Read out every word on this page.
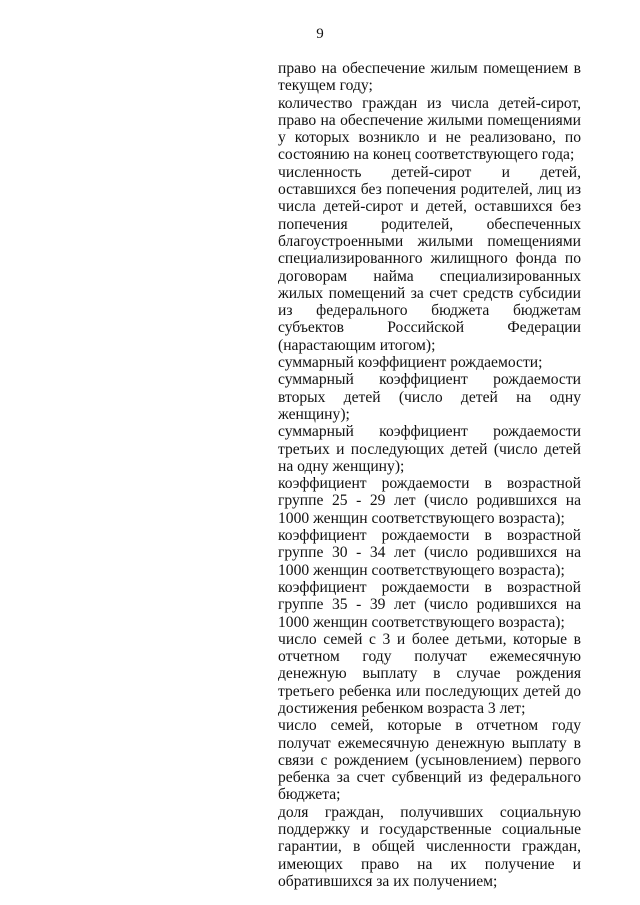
9

право на обеспечение жилым помещением в текущем году;

количество граждан из числа детей-сирот, право на обеспечение жилыми помещениями у которых возникло и не реализовано, по состоянию на конец соответствующего года;

численность детей-сирот и детей, оставшихся без попечения родителей, лиц из числа детей-сирот и детей, оставшихся без попечения родителей, обеспеченных благоустроенными жилыми помещениями специализированного жилищного фонда по договорам найма специализированных жилых помещений за счет средств субсидии из федерального бюджета бюджетам субъектов Российской Федерации (нарастающим итогом);

суммарный коэффициент рождаемости;

суммарный коэффициент рождаемости вторых детей (число детей на одну женщину);

суммарный коэффициент рождаемости третьих и последующих детей (число детей на одну женщину);

коэффициент рождаемости в возрастной группе 25 - 29 лет (число родившихся на 1000 женщин соответствующего возраста);

коэффициент рождаемости в возрастной группе 30 - 34 лет (число родившихся на 1000 женщин соответствующего возраста);

коэффициент рождаемости в возрастной группе 35 - 39 лет (число родившихся на 1000 женщин соответствующего возраста);

число семей с 3 и более детьми, которые в отчетном году получат ежемесячную денежную выплату в случае рождения третьего ребенка или последующих детей до достижения ребенком возраста 3 лет;

число семей, которые в отчетном году получат ежемесячную денежную выплату в связи с рождением (усыновлением) первого ребенка за счет субвенций из федерального бюджета;

доля граждан, получивших социальную поддержку и государственные социальные гарантии, в общей численности граждан, имеющих право на их получение и обратившихся за их получением;
